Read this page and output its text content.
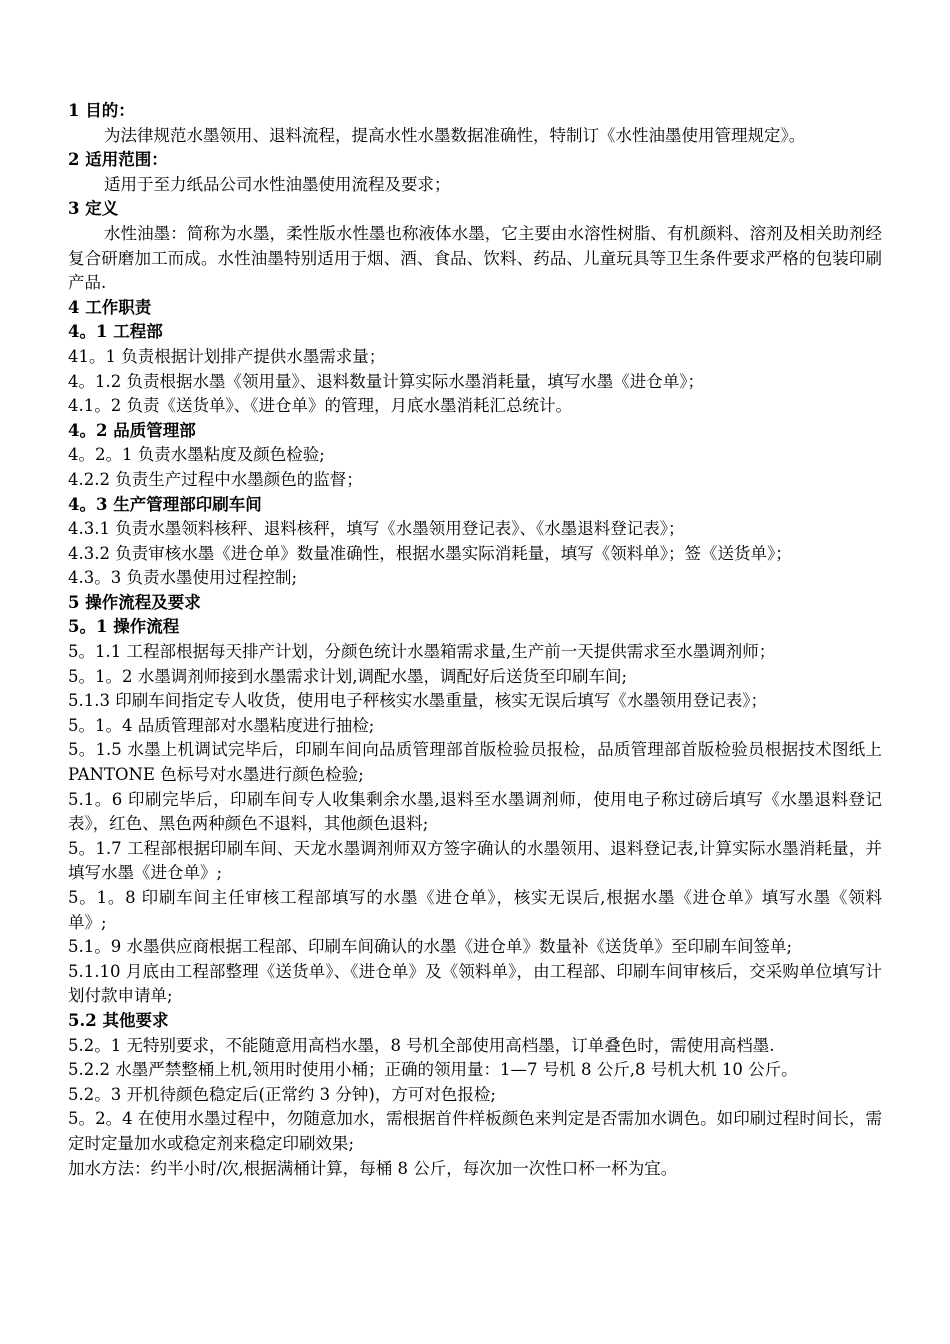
1 目的：
为法律规范水墨领用、退料流程，提高水性水墨数据准确性，特制订《水性油墨使用管理规定》。
2 适用范围：
适用于至力纸品公司水性油墨使用流程及要求；
3 定义
水性油墨：简称为水墨，柔性版水性墨也称液体水墨，它主要由水溶性树脂、有机颜料、溶剂及相关助剂经复合研磨加工而成。水性油墨特别适用于烟、酒、食品、饮料、药品、儿童玩具等卫生条件要求严格的包装印刷产品.
4 工作职责
4。1 工程部
41。1 负责根据计划排产提供水墨需求量；
4。1.2 负责根据水墨《领用量》、退料数量计算实际水墨消耗量，填写水墨《进仓单》；
4.1。2 负责《送货单》、《进仓单》的管理，月底水墨消耗汇总统计。
4。2 品质管理部
4。2。1 负责水墨粘度及颜色检验;
4.2.2 负责生产过程中水墨颜色的监督；
4。3 生产管理部印刷车间
4.3.1 负责水墨领料核秤、退料核秤，填写《水墨领用登记表》、《水墨退料登记表》；
4.3.2 负责审核水墨《进仓单》数量准确性，根据水墨实际消耗量，填写《领料单》；签《送货单》；
4.3。3 负责水墨使用过程控制;
5 操作流程及要求
5。1 操作流程
5。1.1 工程部根据每天排产计划，分颜色统计水墨箱需求量,生产前一天提供需求至水墨调剂师；
5。1。2 水墨调剂师接到水墨需求计划,调配水墨，调配好后送货至印刷车间;
5.1.3 印刷车间指定专人收货，使用电子秤核实水墨重量，核实无误后填写《水墨领用登记表》；
5。1。4 品质管理部对水墨粘度进行抽检;
5。1.5 水墨上机调试完毕后，印刷车间向品质管理部首版检验员报检，品质管理部首版检验员根据技术图纸上 PANTONE 色标号对水墨进行颜色检验;
5.1。6 印刷完毕后，印刷车间专人收集剩余水墨,退料至水墨调剂师，使用电子称过磅后填写《水墨退料登记表》，红色、黑色两种颜色不退料，其他颜色退料;
5。1.7 工程部根据印刷车间、天龙水墨调剂师双方签字确认的水墨领用、退料登记表,计算实际水墨消耗量，并填写水墨《进仓单》;
5。1。8 印刷车间主任审核工程部填写的水墨《进仓单》，核实无误后,根据水墨《进仓单》填写水墨《领料单》;
5.1。9 水墨供应商根据工程部、印刷车间确认的水墨《进仓单》数量补《送货单》至印刷车间签单;
5.1.10 月底由工程部整理《送货单》、《进仓单》及《领料单》，由工程部、印刷车间审核后，交采购单位填写计划付款申请单;
5.2 其他要求
5.2。1 无特别要求，不能随意用高档水墨，8 号机全部使用高档墨，订单叠色时，需使用高档墨.
5.2.2 水墨严禁整桶上机,领用时使用小桶；正确的领用量：1—7 号机 8 公斤,8 号机大机 10 公斤。
5.2。3 开机待颜色稳定后(正常约 3 分钟)，方可对色报检;
5。2。4 在使用水墨过程中，勿随意加水，需根据首件样板颜色来判定是否需加水调色。如印刷过程时间长，需定时定量加水或稳定剂来稳定印刷效果;
加水方法：约半小时/次,根据满桶计算，每桶 8 公斤，每次加一次性口杯一杯为宜。
